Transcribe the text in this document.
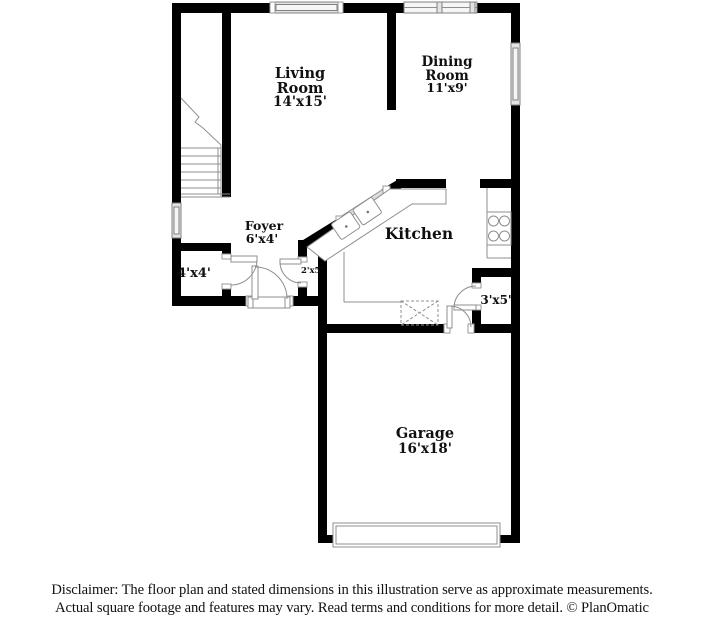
Living
Room
14'x15'
Dining
Room
11'x9'
Kitchen
Foyer
6'x4'
4'x4'	2'x5'
3'x5'
Garage
16'x18'
Disclaimer: The floor plan and stated dimensions in this illustration serve as approximate measurements.
Actual square footage and features may vary. Read terms and conditions for more detail. © PlanOmatic
